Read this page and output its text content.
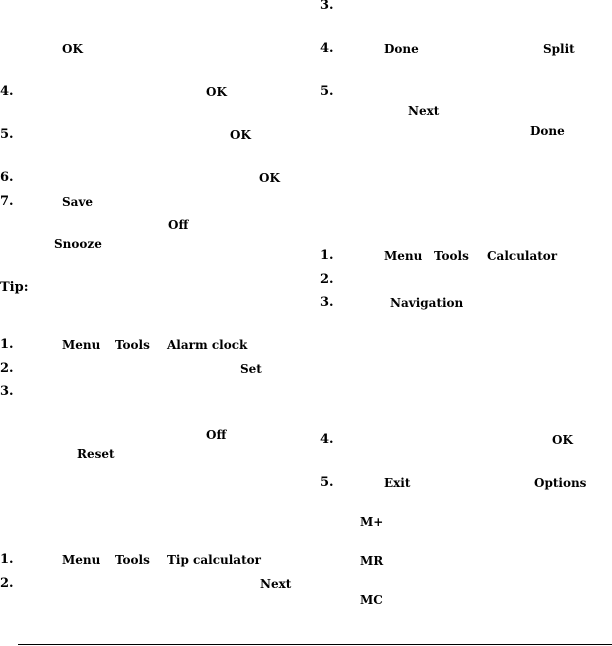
OK
4.	OK
5.	OK
6.	OK
7.	Save
Off
Snooze
Tip:
1.	Menu Tools Alarm clock
2.	Set
3.
Off
Reset
1.	Menu Tools Tip calculator
2.	Next
3.
4.	Done	Split
5.
Next
Done
1.	Menu Tools Calculator
2.
3.	Navigation
4.	OK
5.	Exit	Options
M+
MR
MC
